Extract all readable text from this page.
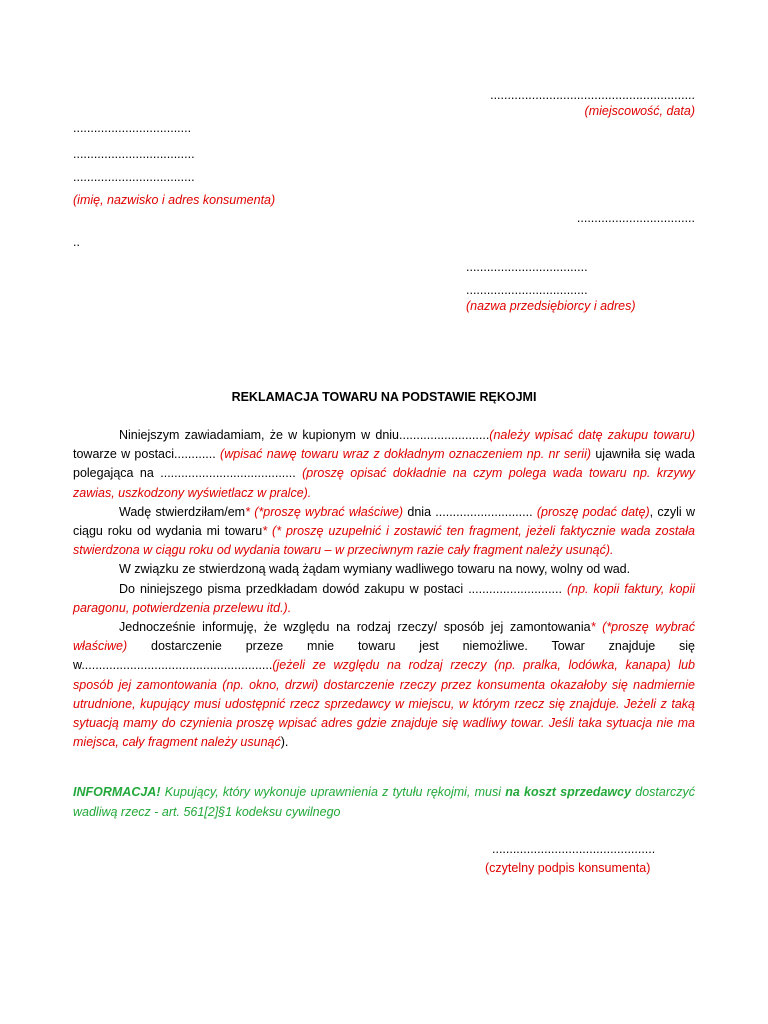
...........................................................
(miejscowość, data)
..................................
...................................
...................................
(imię, nazwisko i adres konsumenta)
..................................
..
...................................
...................................
(nazwa przedsiębiorcy i adres)
REKLAMACJA TOWARU NA PODSTAWIE RĘKOJMI

Niniejszym zawiadamiam, że w kupionym w dniu..........................(należy wpisać datę zakupu towaru) towarze w postaci............ (wpisać nawę towaru wraz z dokładnym oznaczeniem np. nr serii) ujawniła się wada polegająca na ....................................... (proszę opisać dokładnie na czym polega wada towaru np. krzywy zawias, uszkodzony wyświetlacz w pralce).

Wadę stwierdziłam/em* (*proszę wybrać właściwe) dnia ............................ (proszę podać datę), czyli w ciągu roku od wydania mi towaru* (* proszę uzupełnić i zostawić ten fragment, jeżeli faktycznie wada została stwierdzona w ciągu roku od wydania towaru – w przeciwnym razie cały fragment należy usunąć).

W związku ze stwierdzoną wadą żądam wymiany wadliwego towaru na nowy, wolny od wad.

Do niniejszego pisma przedkładam dowód zakupu w postaci ........................... (np. kopii faktury, kopii paragonu, potwierdzenia przelewu itd.).

Jednocześnie informuję, że względu na rodzaj rzeczy/ sposób jej zamontowania* (*proszę wybrać właściwe) dostarczenie przeze mnie towaru jest niemożliwe. Towar znajduje się w.......................................................(jeżeli ze względu na rodzaj rzeczy (np. pralka, lodówka, kanapa) lub sposób jej zamontowania (np. okno, drzwi) dostarczenie rzeczy przez konsumenta okazałoby się nadmiernie utrudnione, kupujący musi udostępnić rzecz sprzedawcy w miejscu, w którym rzecz się znajduje. Jeżeli z taką sytuacją mamy do czynienia proszę wpisać adres gdzie znajduje się wadliwy towar. Jeśli taka sytuacja nie ma miejsca, cały fragment należy usunąć).

INFORMACJA! Kupujący, który wykonuje uprawnienia z tytułu rękojmi, musi na koszt sprzedawcy dostarczyć wadliwą rzecz - art. 561[2]§1 kodeksu cywilnego
...............................................
(czytelny podpis konsumenta)
